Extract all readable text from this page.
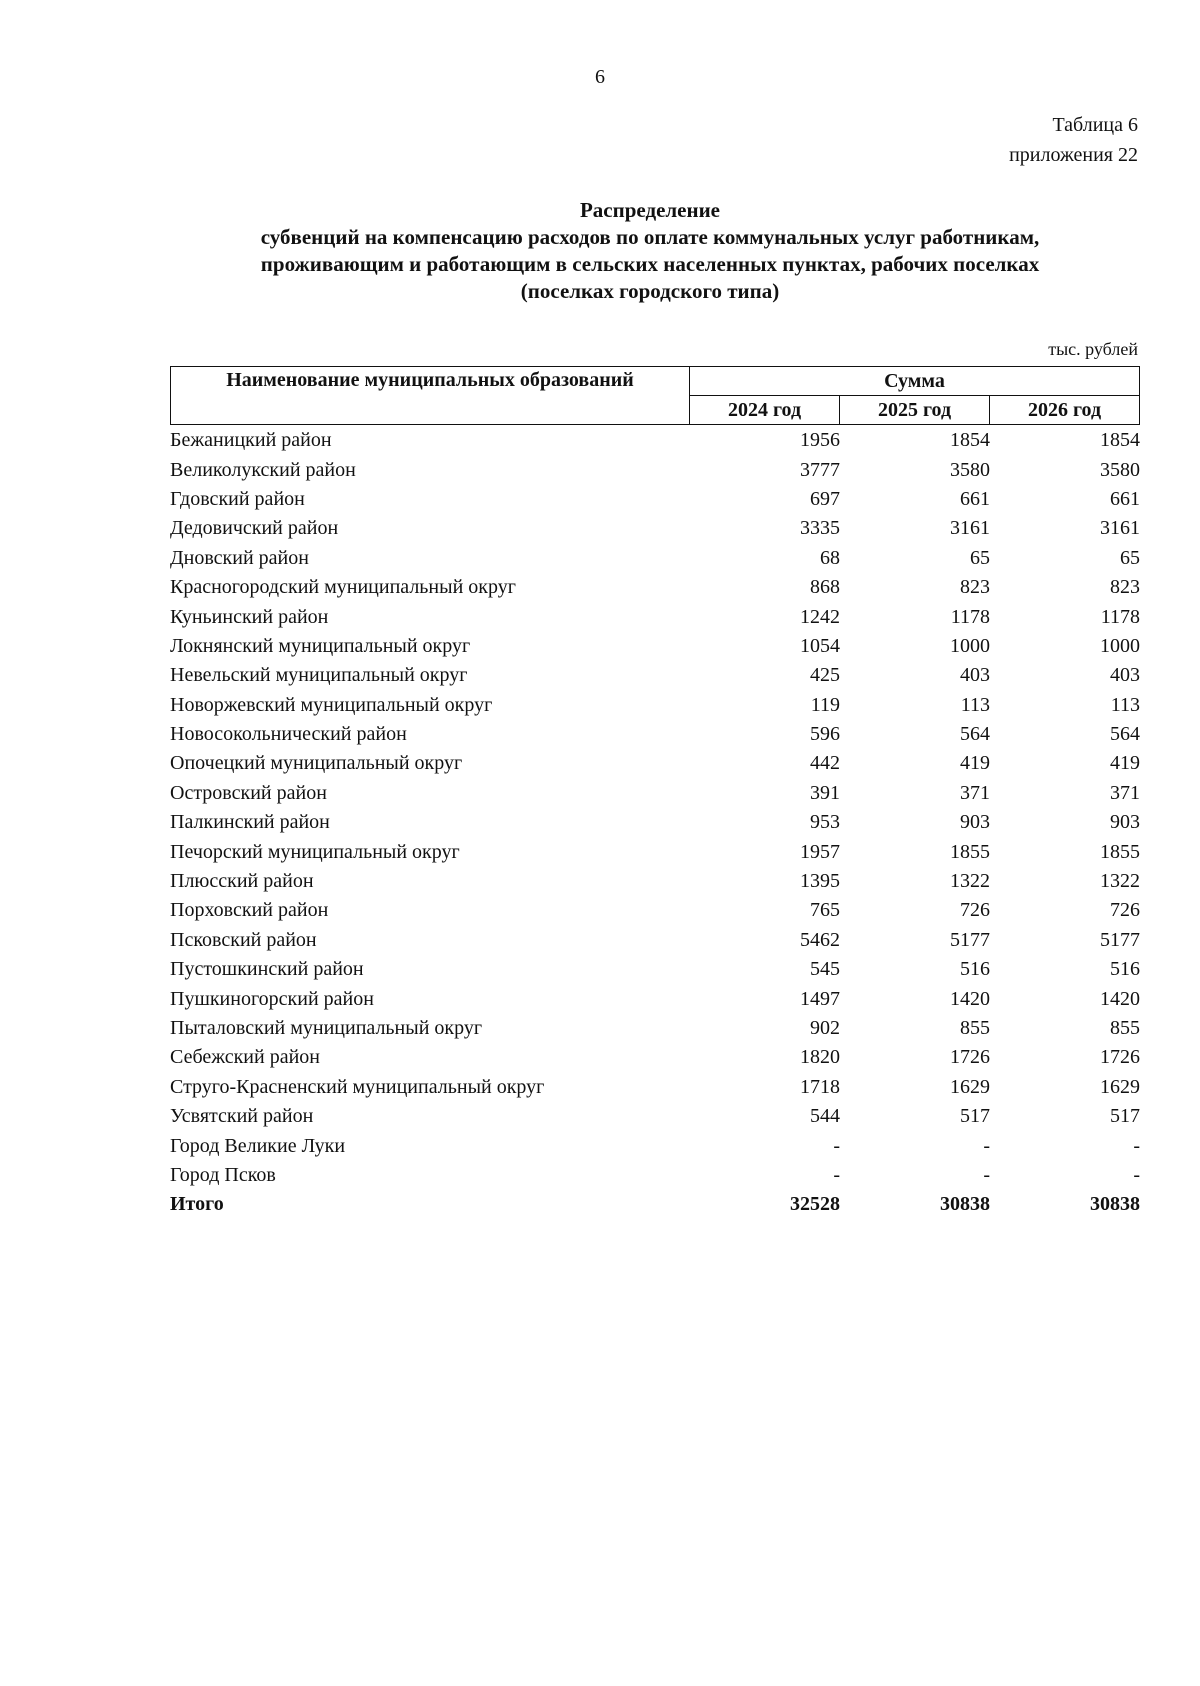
6
Таблица 6
приложения 22
Распределение
субвенций на компенсацию расходов по оплате коммунальных услуг работникам,
проживающим и работающим в сельских населенных пунктах, рабочих поселках
(поселках городского типа)
тыс. рублей
Наименование муниципальных образований	Сумма		
	2024 год	2025 год	2026 год
Бежаницкий район	1956	1854	1854
Великолукский район	3777	3580	3580
Гдовский район	697	661	661
Дедовичский район	3335	3161	3161
Дновский район	68	65	65
Красногородский муниципальный округ	868	823	823
Куньинский район	1242	1178	1178
Локнянский муниципальный округ	1054	1000	1000
Невельский муниципальный округ	425	403	403
Новоржевский муниципальный округ	119	113	113
Новосокольнический район	596	564	564
Опочецкий муниципальный округ	442	419	419
Островский район	391	371	371
Палкинский район	953	903	903
Печорский муниципальный округ	1957	1855	1855
Плюсский район	1395	1322	1322
Порховский район	765	726	726
Псковский район	5462	5177	5177
Пустошкинский район	545	516	516
Пушкиногорский район	1497	1420	1420
Пыталовский муниципальный округ	902	855	855
Себежский район	1820	1726	1726
Струго-Красненский муниципальный округ	1718	1629	1629
Усвятский район	544	517	517
Город Великие Луки	-	-	-
Город Псков	-	-	-
Итого	32528	30838	30838
